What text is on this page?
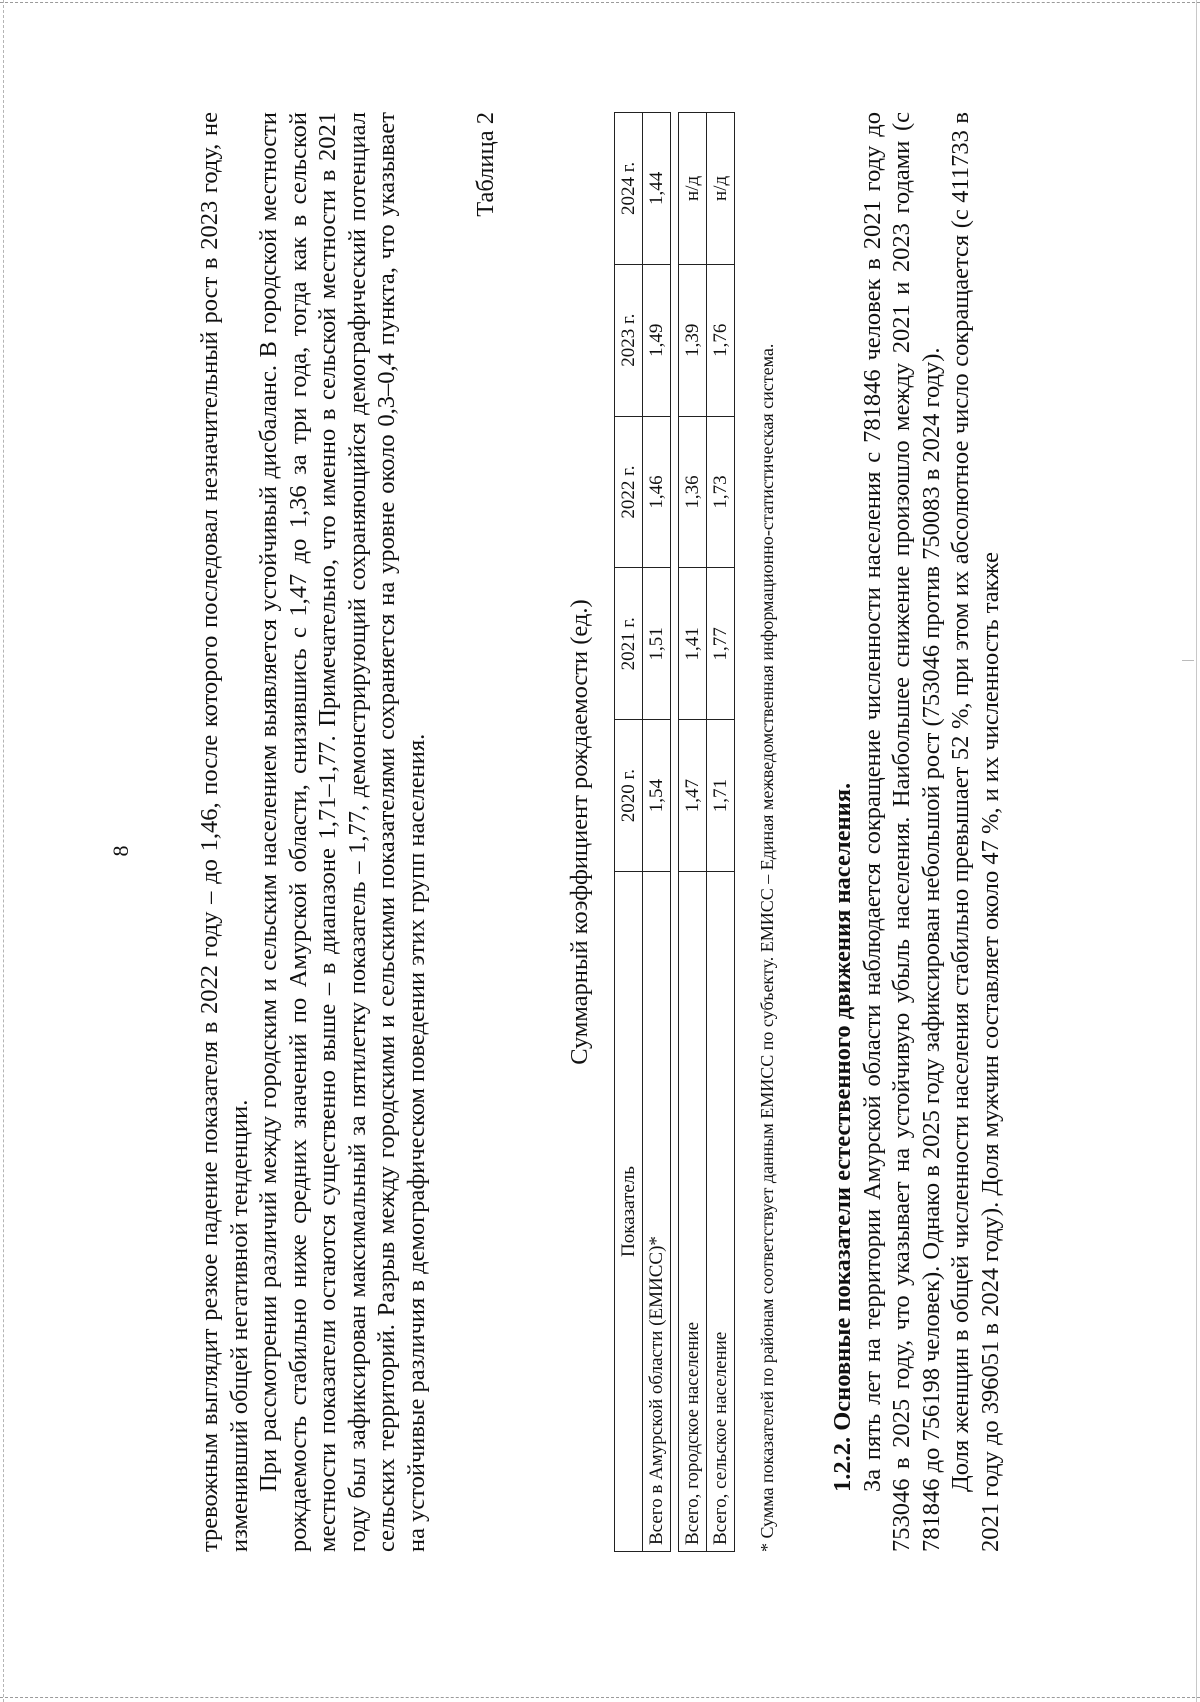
8	тревожным выглядит резкое падение показателя в 2022 году – до 1,46, после которого последовал незначительный рост в 2023 году, не изменивший общей негативной тенденции. При рассмотрении различий между городским и сельским населением выявляется устойчивый дисбаланс. В городской местности рождаемость стабильно ниже средних значений по Амурской области, снизившись с 1,47 до 1,36 за три года, тогда как в сельской местности показатели остаются существенно выше – в диапазоне 1,71–1,77. Примечательно, что именно в сельской местности в 2021 году был зафиксирован максимальный за пятилетку показатель – 1,77, демонстрирующий сохраняющийся демографический потенциал сельских территорий. Разрыв между городскими и сельскими показателями сохраняется на уровне около 0,3–0,4 пункта, что указывает на устойчивые различия в демографическом поведении этих групп населения.

Таблица 2
Суммарный коэффициент рождаемости (ед.)
Показатель	2020 г.	2021 г.	2022 г.	2023 г.	2024 г.
Всего в Амурской области (ЕМИСС)*	1,54	1,51	1,46	1,49	1,44

Всего, городское население	1,47	1,41	1,36	1,39	н/д
Всего, сельское население	1,71	1,77	1,73	1,76	н/д
* Сумма показателей по районам соответствует данным ЕМИСС по субъекту. ЕМИСС – Единая межведомственная информационно-статистическая система. 1.2.2. Основные показатели естественного движения населения. За пять лет на территории Амурской области наблюдается сокращение численности населения с 781846 человек в 2021 году до 753046 в 2025 году, что указывает на устойчивую убыль населения. Наибольшее снижение произошло между 2021 и 2023 годами (с 781846 до 756198 человек). Однако в 2025 году зафиксирован небольшой рост (753046 против 750083 в 2024 году). Доля женщин в общей численности населения стабильно превышает 52 %, при этом их абсолютное число сокращается (с 411733 в 2021 году до 396051 в 2024 году). Доля мужчин составляет около 47 %, и их численность также
